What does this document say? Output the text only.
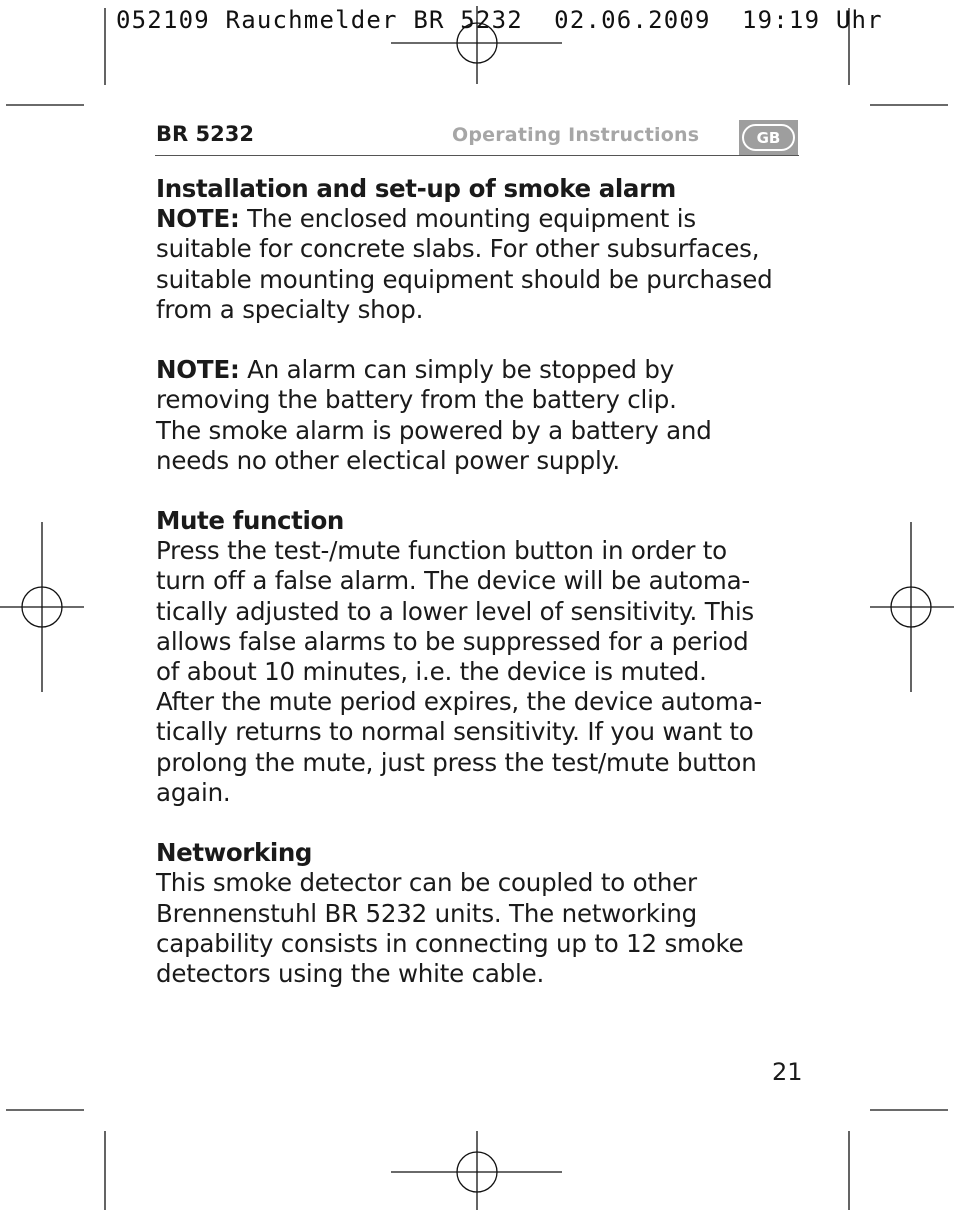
052109 Rauchmelder BR 5232  02.06.2009  19:19 Uhr
BR 5232	Operating Instructions	GB
Installation and set-up of smoke alarm
NOTE: The enclosed mounting equipment is
suitable for concrete slabs. For other subsurfaces,
suitable mounting equipment should be purchased
from a specialty shop.
NOTE: An alarm can simply be stopped by
removing the battery from the battery clip.
The smoke alarm is powered by a battery and
needs no other electical power supply.
Mute function
Press the test-/mute function button in order to
turn off a false alarm. The device will be automa-
tically adjusted to a lower level of sensitivity. This
allows false alarms to be suppressed for a period
of about 10 minutes, i.e. the device is muted.
After the mute period expires, the device automa-
tically returns to normal sensitivity. If you want to
prolong the mute, just press the test/mute button
again.
Networking
This smoke detector can be coupled to other
Brennenstuhl BR 5232 units. The networking
capability consists in connecting up to 12 smoke
detectors using the white cable.
21
